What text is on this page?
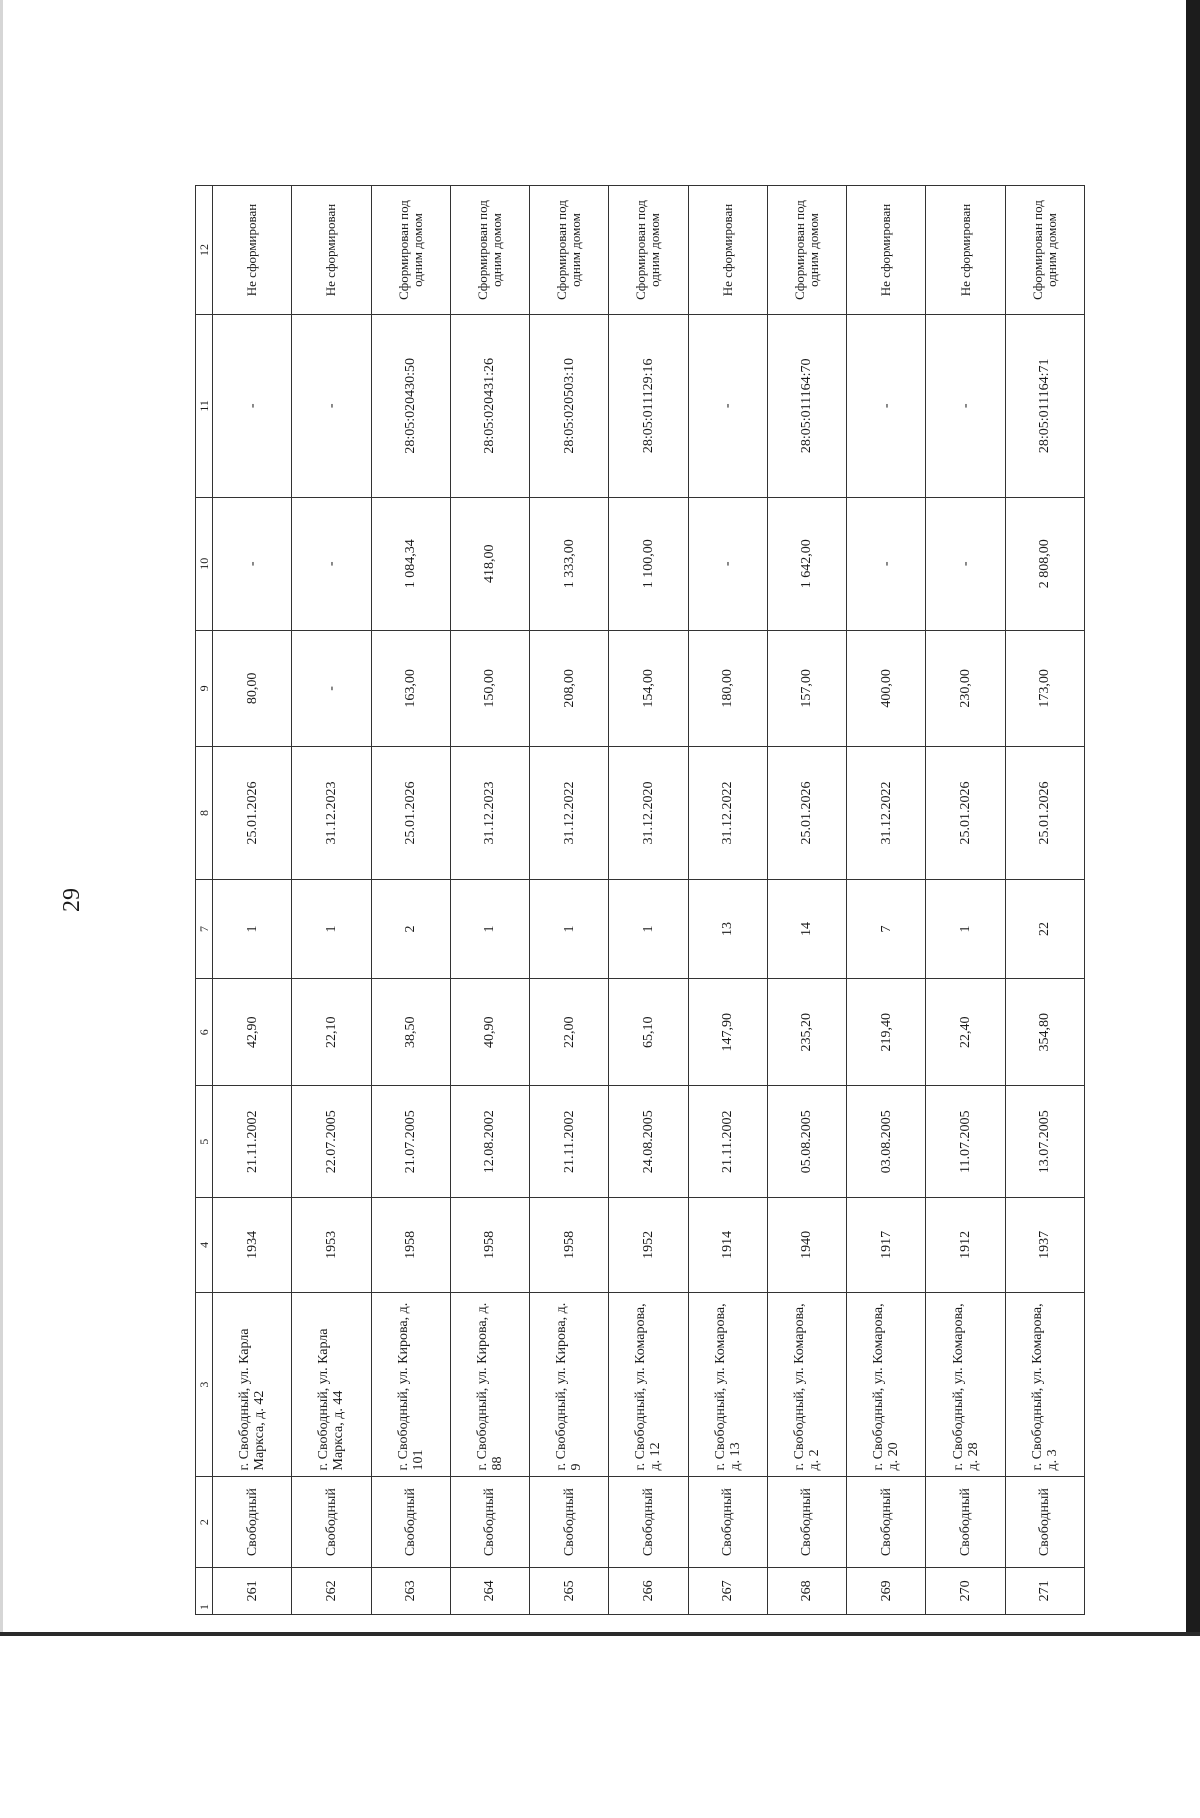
29
1	2	3	4	5	6	7	8	9	10	11	12
261	Свободный	г. Свободный, ул. Карла Маркса, д. 42	1934	21.11.2002	42,90	1	25.01.2026	80,00	-	-	Не сформирован
262	Свободный	г. Свободный, ул. Карла Маркса, д. 44	1953	22.07.2005	22,10	1	31.12.2023	-	-	-	Не сформирован
263	Свободный	г. Свободный, ул. Кирова, д. 101	1958	21.07.2005	38,50	2	25.01.2026	163,00	1 084,34	28:05:020430:50	Сформирован под одним домом
264	Свободный	г. Свободный, ул. Кирова, д. 88	1958	12.08.2002	40,90	1	31.12.2023	150,00	418,00	28:05:020431:26	Сформирован под одним домом
265	Свободный	г. Свободный, ул. Кирова, д. 9	1958	21.11.2002	22,00	1	31.12.2022	208,00	1 333,00	28:05:020503:10	Сформирован под одним домом
266	Свободный	г. Свободный, ул. Комарова, д. 12	1952	24.08.2005	65,10	1	31.12.2020	154,00	1 100,00	28:05:011129:16	Сформирован под одним домом
267	Свободный	г. Свободный, ул. Комарова, д. 13	1914	21.11.2002	147,90	13	31.12.2022	180,00	-	-	Не сформирован
268	Свободный	г. Свободный, ул. Комарова, д. 2	1940	05.08.2005	235,20	14	25.01.2026	157,00	1 642,00	28:05:011164:70	Сформирован под одним домом
269	Свободный	г. Свободный, ул. Комарова, д. 20	1917	03.08.2005	219,40	7	31.12.2022	400,00	-	-	Не сформирован
270	Свободный	г. Свободный, ул. Комарова, д. 28	1912	11.07.2005	22,40	1	25.01.2026	230,00	-	-	Не сформирован
271	Свободный	г. Свободный, ул. Комарова, д. 3	1937	13.07.2005	354,80	22	25.01.2026	173,00	2 808,00	28:05:011164:71	Сформирован под одним домом
